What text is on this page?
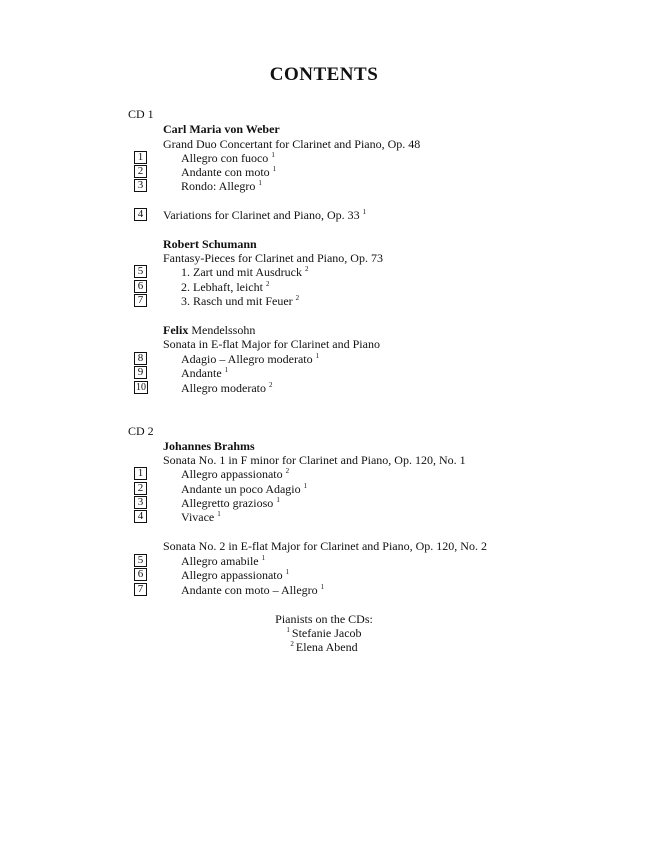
CONTENTS
CD 1
Carl Maria von Weber
Grand Duo Concertant for Clarinet and Piano, Op. 48
1	Allegro con fuoco $^1$
2	Andante con moto $^1$
3	Rondo: Allegro $^1$
4	Variations for Clarinet and Piano, Op. 33 $^1$
Robert Schumann
Fantasy-Pieces for Clarinet and Piano, Op. 73
5	1. Zart und mit Ausdruck $^2$
6	2. Lebhaft, leicht $^2$
7	3. Rasch und mit Feuer $^2$
Felix Mendelssohn
Sonata in E-flat Major for Clarinet and Piano
8	Adagio – Allegro moderato $^1$
9	Andante $^1$
10	Allegro moderato $^2$
CD 2
Johannes Brahms
Sonata No. 1 in F minor for Clarinet and Piano, Op. 120, No. 1
1	Allegro appassionato $^2$
2	Andante un poco Adagio $^1$
3	Allegretto grazioso $^1$
4	Vivace $^1$
Sonata No. 2 in E-flat Major for Clarinet and Piano, Op. 120, No. 2
5	Allegro amabile $^1$
6	Allegro appassionato $^1$
7	Andante con moto – Allegro $^1$
Pianists on the CDs:
$^1$ Stefanie Jacob
$^2$ Elena Abend
